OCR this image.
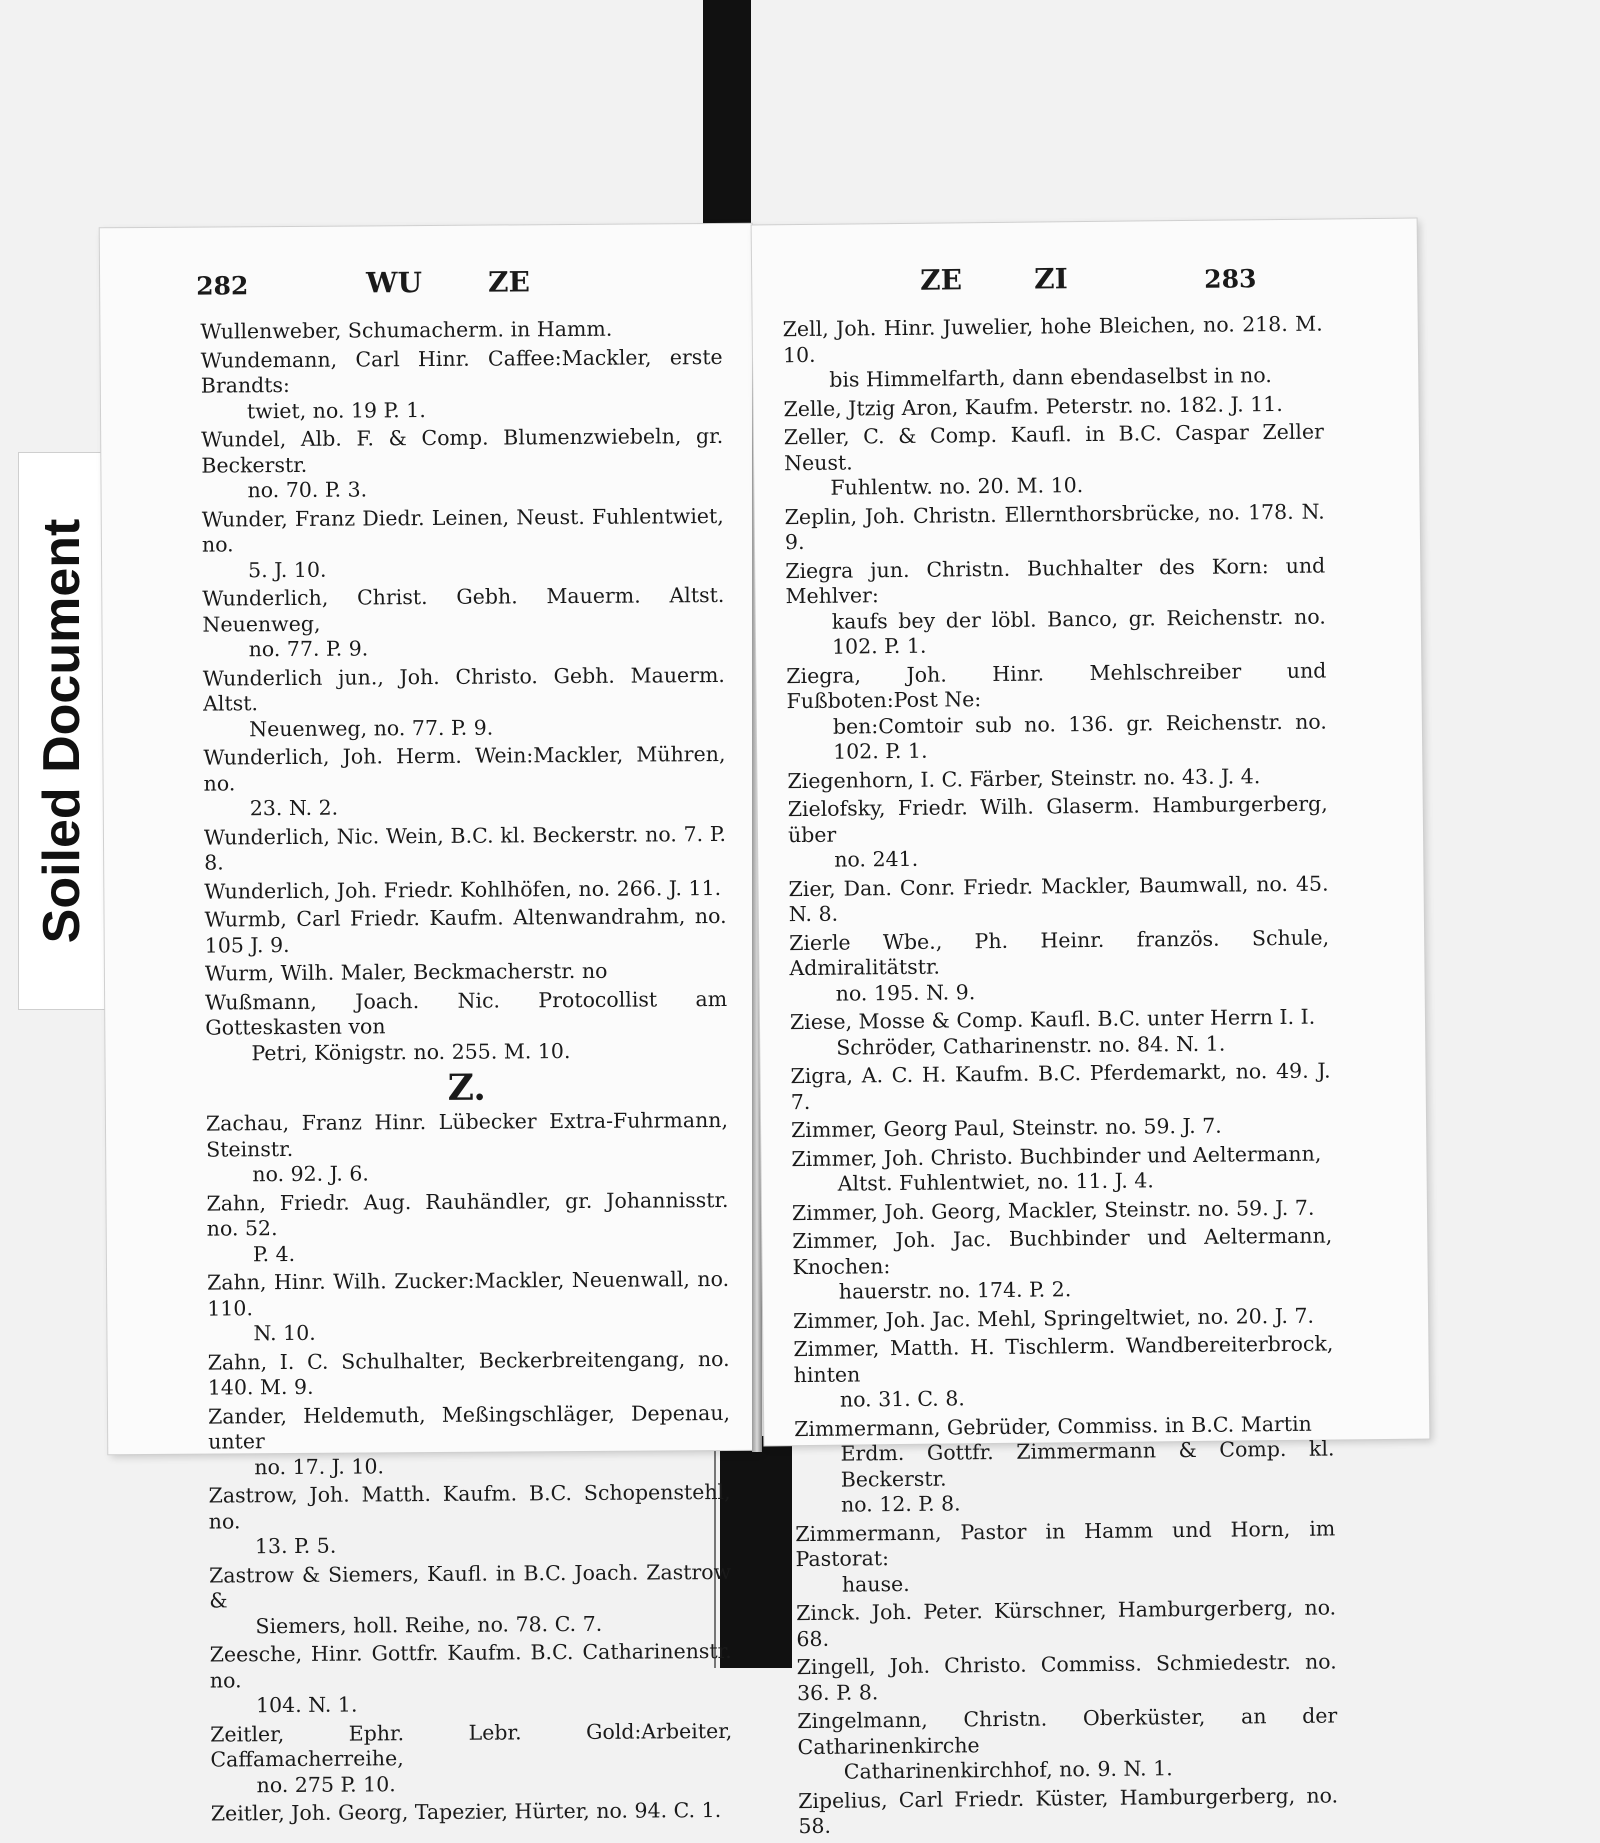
Soiled Document
282	WU ZE
Wullenweber, Schumacherm. in Hamm.
Wundemann, Carl Hinr. Caffee:Mackler, erste Brandts:
twiet, no. 19 P. 1.
Wundel, Alb. F. & Comp. Blumenzwiebeln, gr. Beckerstr.
no. 70. P. 3.
Wunder, Franz Diedr. Leinen, Neust. Fuhlentwiet, no.
5. J. 10.
Wunderlich, Christ. Gebh. Mauerm. Altst. Neuenweg,
no. 77. P. 9.
Wunderlich jun., Joh. Christo. Gebh. Mauerm. Altst.
Neuenweg, no. 77. P. 9.
Wunderlich, Joh. Herm. Wein:Mackler, Mühren, no.
23. N. 2.
Wunderlich, Nic. Wein, B.C. kl. Beckerstr. no. 7. P. 8.
Wunderlich, Joh. Friedr. Kohlhöfen, no. 266. J. 11.
Wurmb, Carl Friedr. Kaufm. Altenwandrahm, no. 105 J. 9.
Wurm, Wilh. Maler, Beckmacherstr. no
Wußmann, Joach. Nic. Protocollist am Gotteskasten von
Petri, Königstr. no. 255. M. 10.
Z.
Zachau, Franz Hinr. Lübecker Extra-Fuhrmann, Steinstr.
no. 92. J. 6.
Zahn, Friedr. Aug. Rauhändler, gr. Johannisstr. no. 52.
P. 4.
Zahn, Hinr. Wilh. Zucker:Mackler, Neuenwall, no. 110.
N. 10.
Zahn, I. C. Schulhalter, Beckerbreitengang, no. 140. M. 9.
Zander, Heldemuth, Meßingschläger, Depenau, unter
no. 17. J. 10.
Zastrow, Joh. Matth. Kaufm. B.C. Schopenstehl, no.
13. P. 5.
Zastrow & Siemers, Kaufl. in B.C. Joach. Zastrow &
Siemers, holl. Reihe, no. 78. C. 7.
Zeesche, Hinr. Gottfr. Kaufm. B.C. Catharinenstr. no.
104. N. 1.
Zeitler, Ephr. Lebr. Gold:Arbeiter, Caffamacherreihe,
no. 275 P. 10.
Zeitler, Joh. Georg, Tapezier, Hürter, no. 94. C. 1.
ZE	ZI	283
Zell, Joh. Hinr. Juwelier, hohe Bleichen, no. 218. M. 10.
bis Himmelfarth, dann ebendaselbst in no.
Zelle, Jtzig Aron, Kaufm. Peterstr. no. 182. J. 11.
Zeller, C. & Comp. Kaufl. in B.C. Caspar Zeller Neust.
Fuhlentw. no. 20. M. 10.
Zeplin, Joh. Christn. Ellernthorsbrücke, no. 178. N. 9.
Ziegra jun. Christn. Buchhalter des Korn: und Mehlver:
kaufs bey der löbl. Banco, gr. Reichenstr. no. 102. P. 1.
Ziegra, Joh. Hinr. Mehlschreiber und Fußboten:Post Ne:
ben:Comtoir sub no. 136. gr. Reichenstr. no. 102. P. 1.
Ziegenhorn, I. C. Färber, Steinstr. no. 43. J. 4.
Zielofsky, Friedr. Wilh. Glaserm. Hamburgerberg, über
no. 241.
Zier, Dan. Conr. Friedr. Mackler, Baumwall, no. 45. N. 8.
Zierle Wbe., Ph. Heinr. französ. Schule, Admiralitätstr.
no. 195. N. 9.
Ziese, Mosse & Comp. Kaufl. B.C. unter Herrn I. I.
Schröder, Catharinenstr. no. 84. N. 1.
Zigra, A. C. H. Kaufm. B.C. Pferdemarkt, no. 49. J. 7.
Zimmer, Georg Paul, Steinstr. no. 59. J. 7.
Zimmer, Joh. Christo. Buchbinder und Aeltermann,
Altst. Fuhlentwiet, no. 11. J. 4.
Zimmer, Joh. Georg, Mackler, Steinstr. no. 59. J. 7.
Zimmer, Joh. Jac. Buchbinder und Aeltermann, Knochen:
hauerstr. no. 174. P. 2.
Zimmer, Joh. Jac. Mehl, Springeltwiet, no. 20. J. 7.
Zimmer, Matth. H. Tischlerm. Wandbereiterbrock, hinten
no. 31. C. 8.
Zimmermann, Gebrüder, Commiss. in B.C. Martin
Erdm. Gottfr. Zimmermann & Comp. kl. Beckerstr.
no. 12. P. 8.
Zimmermann, Pastor in Hamm und Horn, im Pastorat:
hause.
Zinck. Joh. Peter. Kürschner, Hamburgerberg, no. 68.
Zingell, Joh. Christo. Commiss. Schmiedestr. no. 36. P. 8.
Zingelmann, Christn. Oberküster, an der Catharinenkirche
Catharinenkirchhof, no. 9. N. 1.
Zipelius, Carl Friedr. Küster, Hamburgerberg, no. 58.
